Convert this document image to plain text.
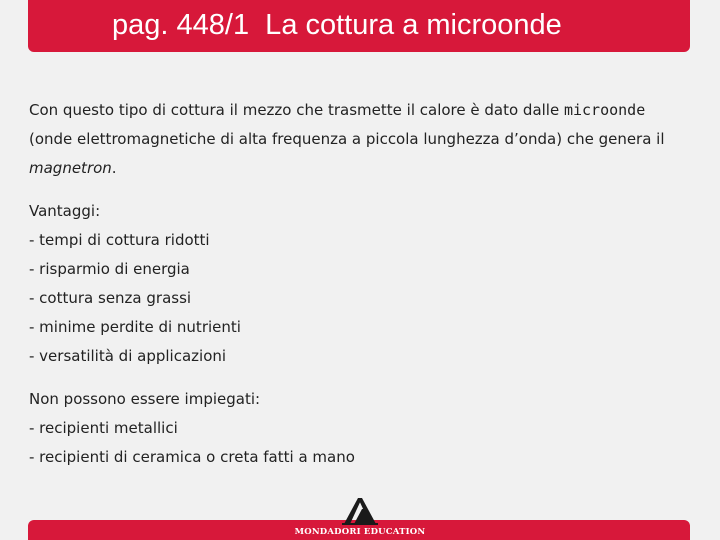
pag. 448/1  La cottura a microonde

Con questo tipo di cottura il mezzo che trasmette il calore è dato dalle microonde (onde elettromagnetiche di alta frequenza a piccola lunghezza d’onda) che genera il magnetron.

Vantaggi:

- tempi di cottura ridotti

- risparmio di energia

- cottura senza grassi

- minime perdite di nutrienti

- versatilità di applicazioni

Non possono essere impiegati:

- recipienti metallici

- recipienti di ceramica o creta fatti a mano

MONDADORI EDUCATION
